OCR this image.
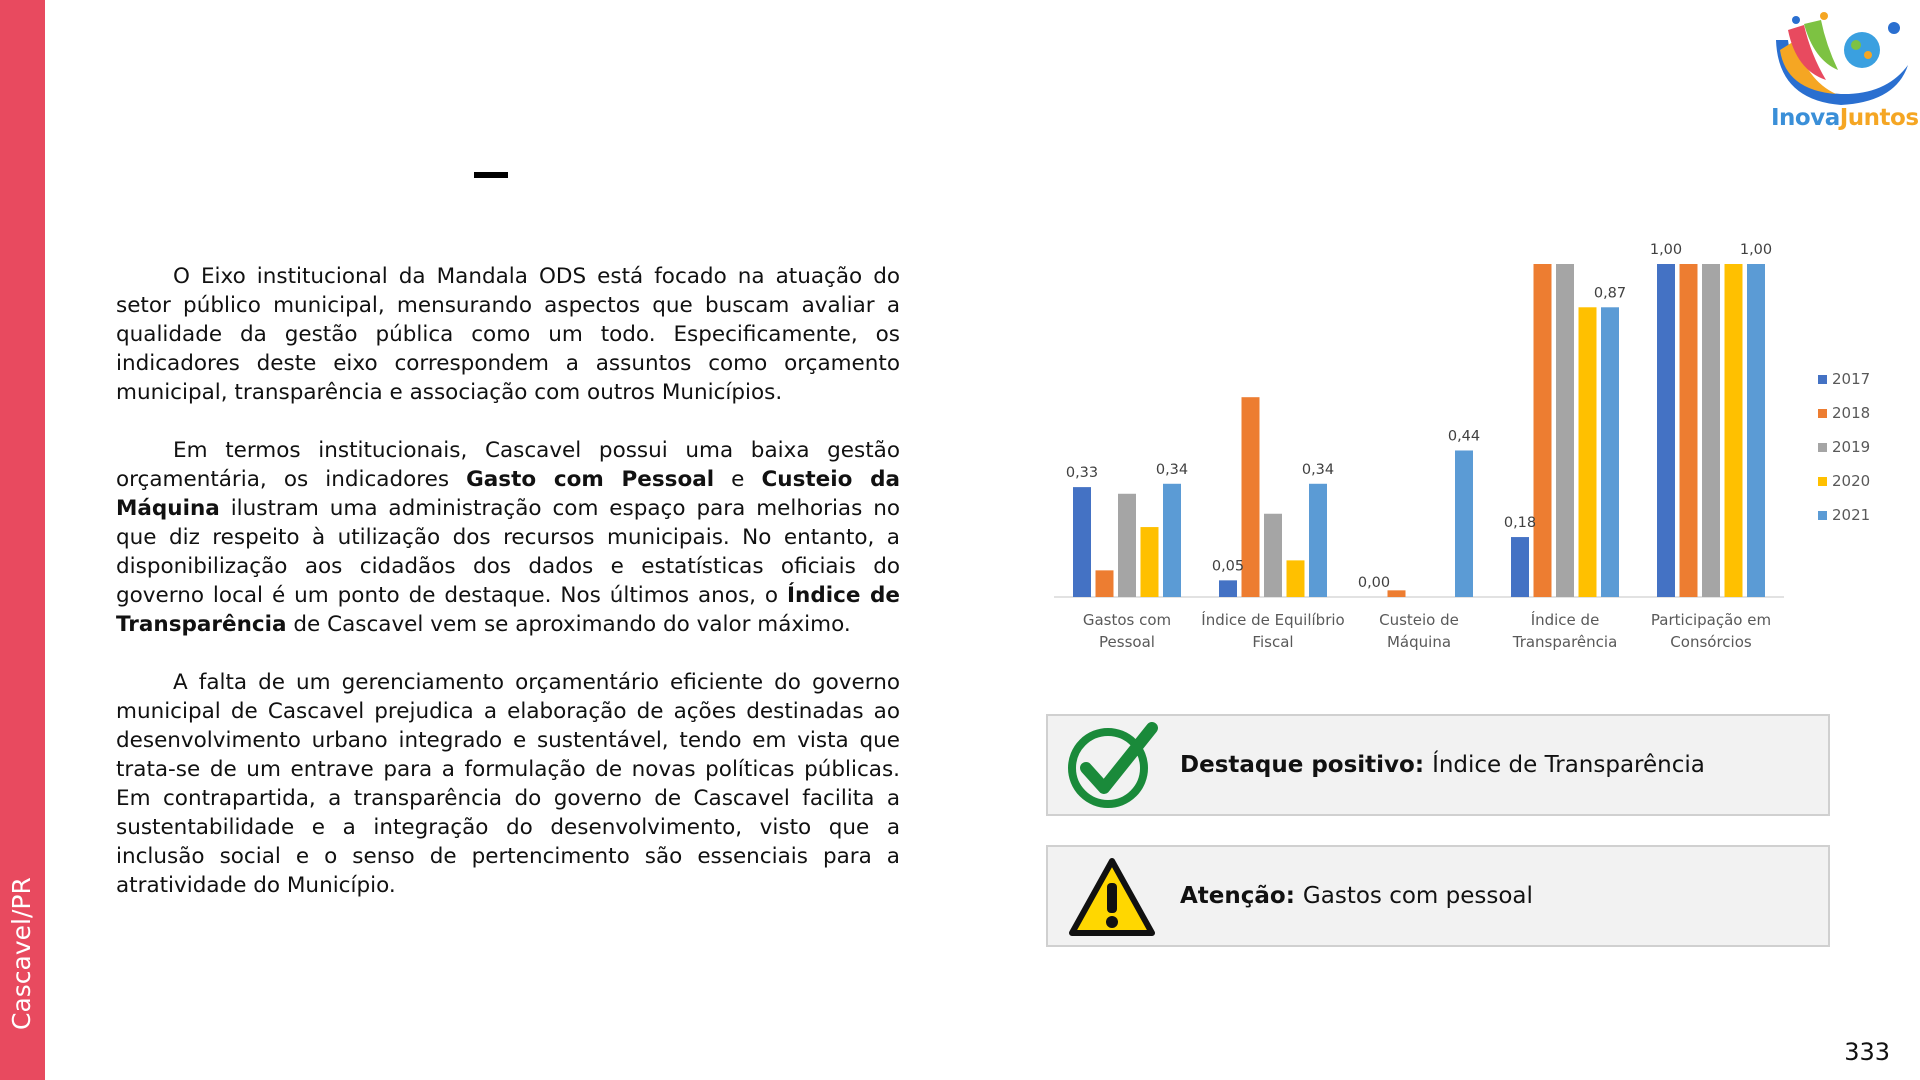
Cascavel/PR
InovaJuntos

O Eixo institucional da Mandala ODS está focado na atuação do setor público municipal, mensurando aspectos que buscam avaliar a qualidade da gestão pública como um todo. Especificamente, os indicadores deste eixo correspondem a assuntos como orçamento municipal, transparência e associação com outros Municípios.

Em termos institucionais, Cascavel possui uma baixa gestão orçamentária, os indicadores Gasto com Pessoal e Custeio da Máquina ilustram uma administração com espaço para melhorias no que diz respeito à utilização dos recursos municipais. No entanto, a disponibilização aos cidadãos dos dados e estatísticas oficiais do governo local é um ponto de destaque. Nos últimos anos, o Índice de Transparência de Cascavel vem se aproximando do valor máximo.

A falta de um gerenciamento orçamentário eficiente do governo municipal de Cascavel prejudica a elaboração de ações destinadas ao desenvolvimento urbano integrado e sustentável, tendo em vista que trata-se de um entrave para a formulação de novas políticas públicas. Em contrapartida, a transparência do governo de Cascavel facilita a sustentabilidade e a integração do desenvolvimento, visto que a inclusão social e o senso de pertencimento são essenciais para a atratividade do Município.

Gastos com
Pessoal
Índice de Equilíbrio
Fiscal
Custeio de
Máquina
Índice de
Transparência
Participação em
Consórcios
0,33	0,34
0,05
0,34
0,00
0,44
0,18
0,87
1,00	1,00
2017
2018
2019
2020
2021
Destaque positivo: Índice de Transparência
Atenção: Gastos com pessoal
333
